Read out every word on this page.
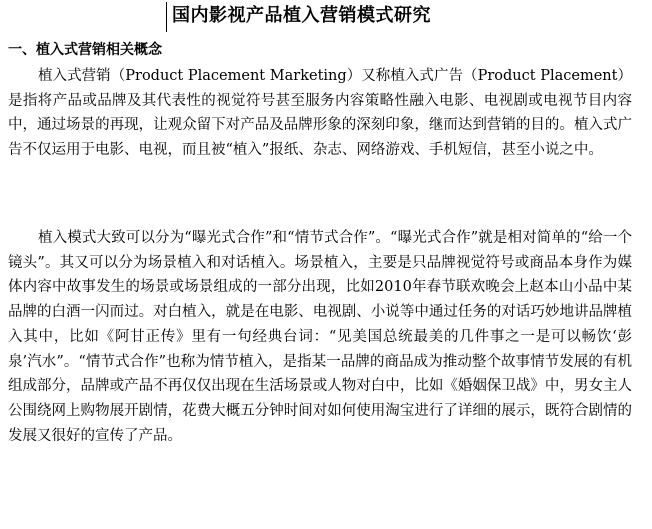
国内影视产品植入营销模式研究
一、植入式营销相关概念

植入式营销（Product Placement Marketing）又称植入式广告（Product Placement）是指将产品或品牌及其代表性的视觉符号甚至服务内容策略性融入电影、电视剧或电视节目内容中，通过场景的再现，让观众留下对产品及品牌形象的深刻印象，继而达到营销的目的。植入式广告不仅运用于电影、电视，而且被“植入”报纸、杂志、网络游戏、手机短信，甚至小说之中。

植入模式大致可以分为“曝光式合作”和“情节式合作”。“曝光式合作”就是相对简单的“给一个镜头”。其又可以分为场景植入和对话植入。场景植入，主要是只品牌视觉符号或商品本身作为媒体内容中故事发生的场景或场景组成的一部分出现，比如2010年春节联欢晚会上赵本山小品中某品牌的白酒一闪而过。对白植入，就是在电影、电视剧、小说等中通过任务的对话巧妙地讲品牌植入其中，比如《阿甘正传》里有一句经典台词：“见美国总统最美的几件事之一是可以畅饮‘彭泉’汽水”。“情节式合作”也称为情节植入，是指某一品牌的商品成为推动整个故事情节发展的有机组成部分，品牌或产品不再仅仅出现在生活场景或人物对白中，比如《婚姻保卫战》中，男女主人公围绕网上购物展开剧情，花费大概五分钟时间对如何使用淘宝进行了详细的展示，既符合剧情的发展又很好的宣传了产品。
